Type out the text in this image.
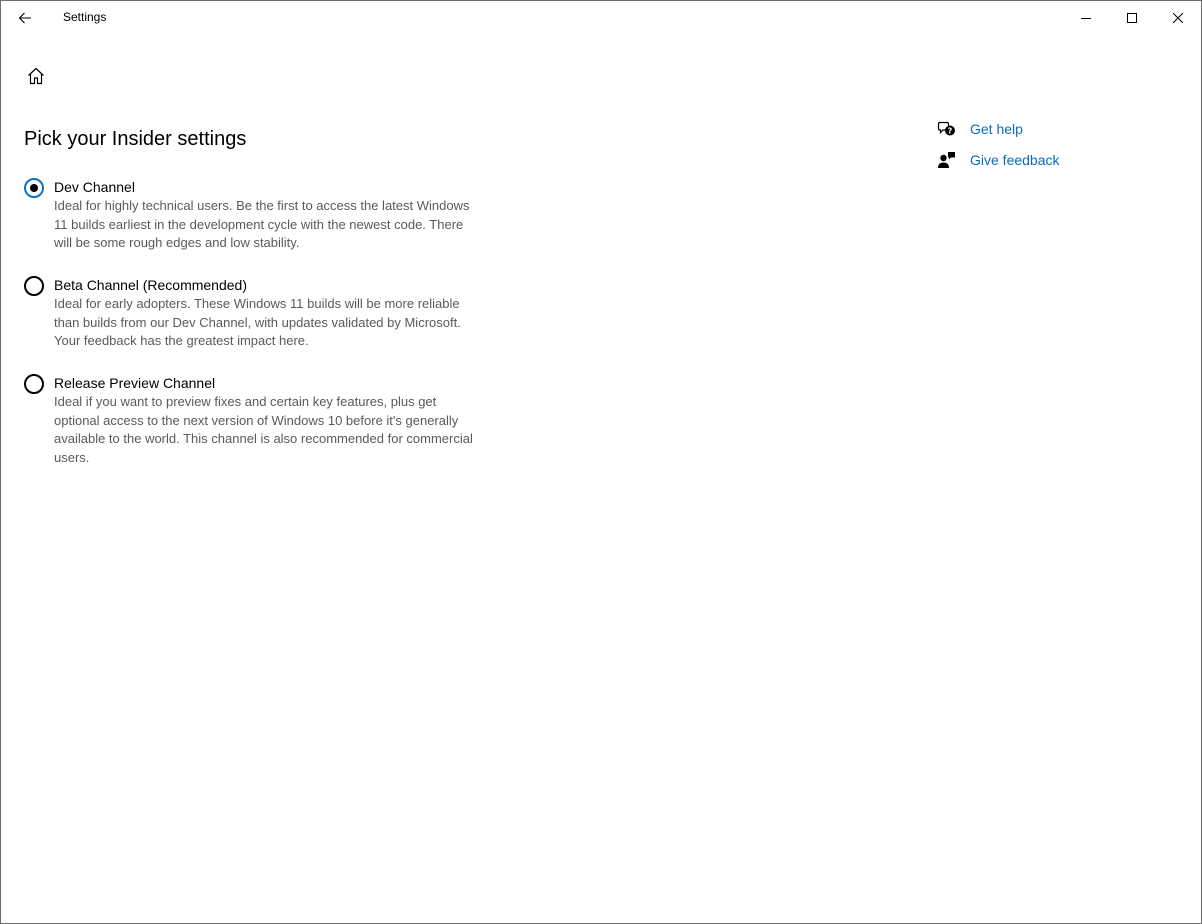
Settings
Pick your Insider settings
Dev Channel
Ideal for highly technical users. Be the first to access the latest Windows 11 builds earliest in the development cycle with the newest code. There will be some rough edges and low stability.
Beta Channel (Recommended)
Ideal for early adopters. These Windows 11 builds will be more reliable than builds from our Dev Channel, with updates validated by Microsoft. Your feedback has the greatest impact here.
Release Preview Channel
Ideal if you want to preview fixes and certain key features, plus get optional access to the next version of Windows 10 before it's generally available to the world. This channel is also recommended for commercial users.
? Get help
Give feedback
